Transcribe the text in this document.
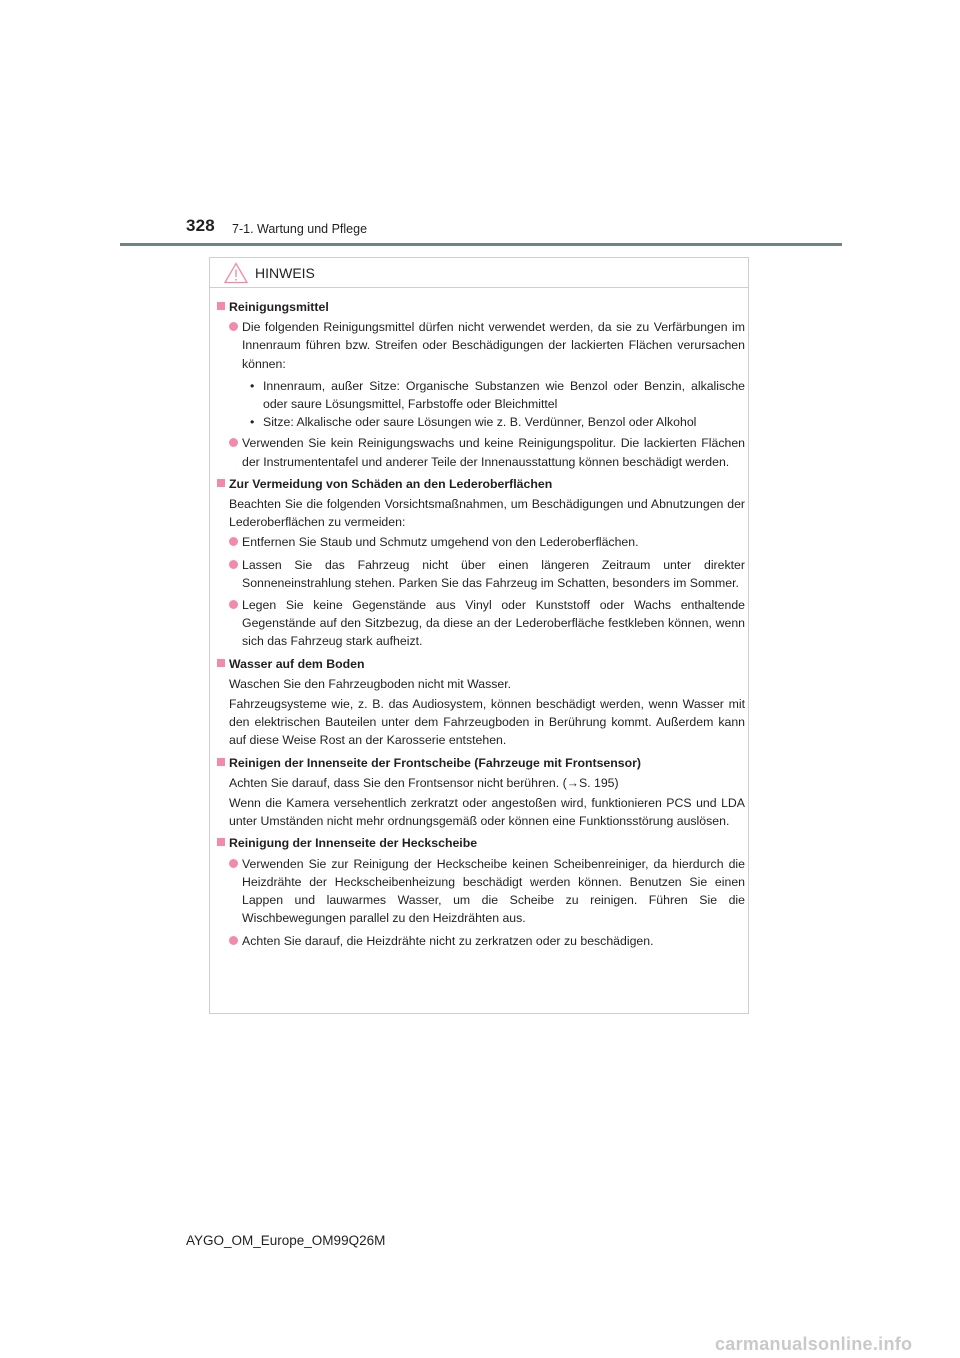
328 7-1. Wartung und Pflege
HINWEIS
Reinigungsmittel
Die folgenden Reinigungsmittel dürfen nicht verwendet werden, da sie zu Verfärbungen im Innenraum führen bzw. Streifen oder Beschädigungen der lackierten Flächen verursachen können:
• Innenraum, außer Sitze: Organische Substanzen wie Benzol oder Benzin, alkalische oder saure Lösungsmittel, Farbstoffe oder Bleichmittel
• Sitze: Alkalische oder saure Lösungen wie z. B. Verdünner, Benzol oder Alkohol
Verwenden Sie kein Reinigungswachs und keine Reinigungspolitur. Die lackierten Flächen der Instrumententafel und anderer Teile der Innenausstattung können beschädigt werden.
Zur Vermeidung von Schäden an den Lederoberflächen
Beachten Sie die folgenden Vorsichtsmaßnahmen, um Beschädigungen und Abnutzungen der Lederoberflächen zu vermeiden:
Entfernen Sie Staub und Schmutz umgehend von den Lederoberflächen.
Lassen Sie das Fahrzeug nicht über einen längeren Zeitraum unter direkter Sonneneinstrahlung stehen. Parken Sie das Fahrzeug im Schatten, besonders im Sommer.
Legen Sie keine Gegenstände aus Vinyl oder Kunststoff oder Wachs enthaltende Gegenstände auf den Sitzbezug, da diese an der Lederoberfläche festkleben können, wenn sich das Fahrzeug stark aufheizt.
Wasser auf dem Boden
Waschen Sie den Fahrzeugboden nicht mit Wasser.
Fahrzeugsysteme wie, z. B. das Audiosystem, können beschädigt werden, wenn Wasser mit den elektrischen Bauteilen unter dem Fahrzeugboden in Berührung kommt. Außerdem kann auf diese Weise Rost an der Karosserie entstehen.
Reinigen der Innenseite der Frontscheibe (Fahrzeuge mit Frontsensor)
Achten Sie darauf, dass Sie den Frontsensor nicht berühren. (→S. 195)
Wenn die Kamera versehentlich zerkratzt oder angestoßen wird, funktionieren PCS und LDA unter Umständen nicht mehr ordnungsgemäß oder können eine Funktionsstörung auslösen.
Reinigung der Innenseite der Heckscheibe
Verwenden Sie zur Reinigung der Heckscheibe keinen Scheibenreiniger, da hierdurch die Heizdrähte der Heckscheibenheizung beschädigt werden können. Benutzen Sie einen Lappen und lauwarmes Wasser, um die Scheibe zu reinigen. Führen Sie die Wischbewegungen parallel zu den Heizdrähten aus.
Achten Sie darauf, die Heizdrähte nicht zu zerkratzen oder zu beschädigen.
AYGO_OM_Europe_OM99Q26M
carmanualsonline.info
